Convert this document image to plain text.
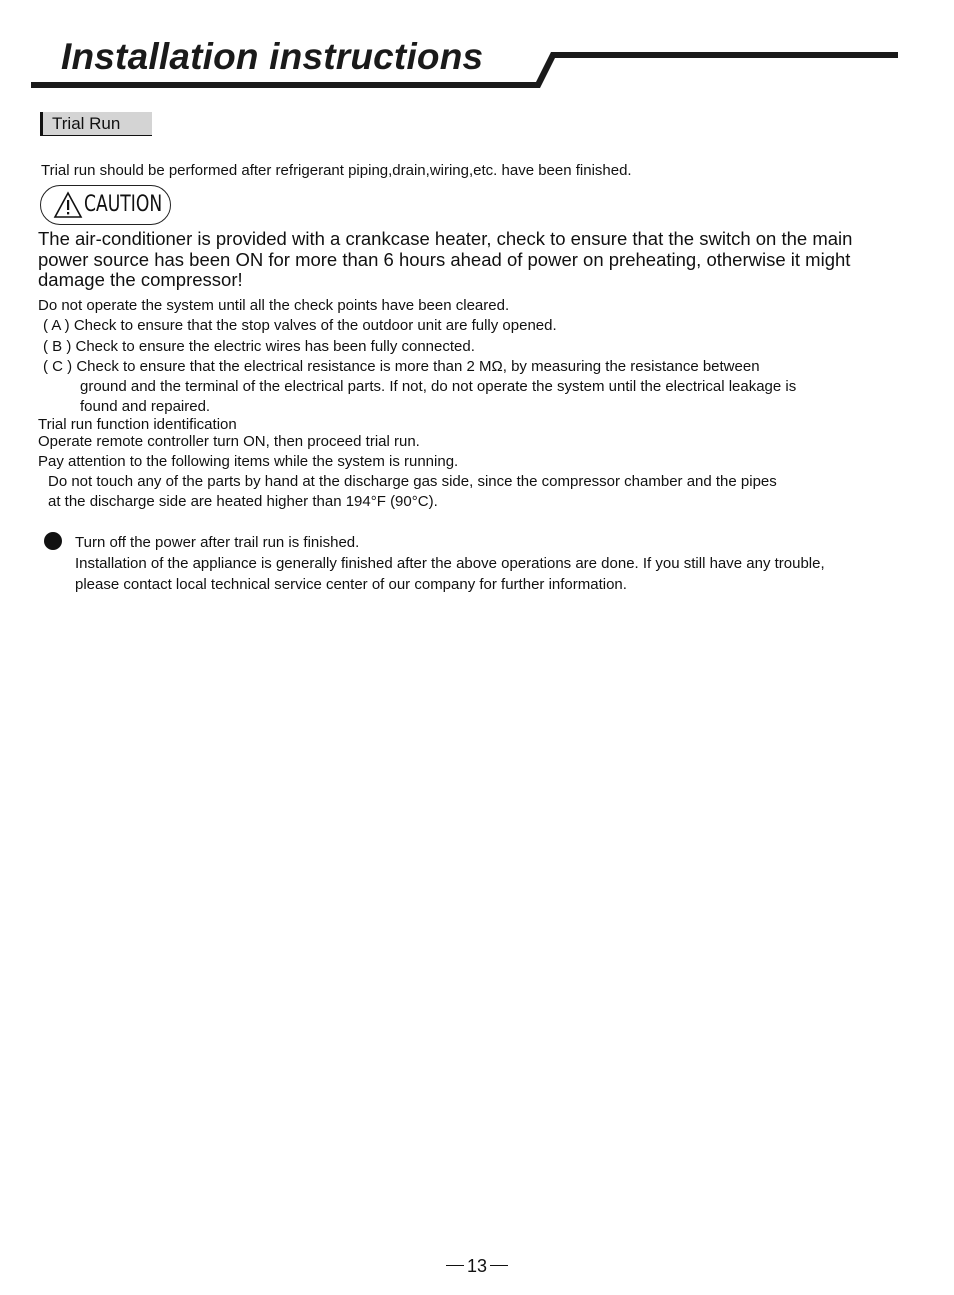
Installation instructions
Trial Run
Trial run should be performed after refrigerant piping,drain,wiring,etc. have been finished.
CAUTION
The air-conditioner is provided with a crankcase heater, check to ensure that the switch on the main
power source has been ON for more than 6 hours ahead of power on preheating, otherwise it might
damage the compressor!
Do not operate the system until all the check points have been cleared.
( A ) Check to ensure that the stop valves of the outdoor unit are fully opened.
( B ) Check to ensure the electric wires has been fully connected.
( C ) Check to ensure that the electrical resistance is more than 2 MΩ, by measuring the resistance between
ground and the terminal of the electrical parts. If not, do not operate the system until the electrical leakage is
found and repaired.
Trial run function identification
Operate remote controller turn ON, then proceed trial run.
Pay attention to the following items while the system is running.
Do not touch any of the parts by hand at the discharge gas side, since the compressor chamber and the pipes
at the discharge side are heated higher than 194°F (90°C).
Turn off the power after trail run is finished.
Installation of the appliance is generally finished after the above operations are done. If you still have any trouble,
please contact local technical service center of our company for further information.
13
